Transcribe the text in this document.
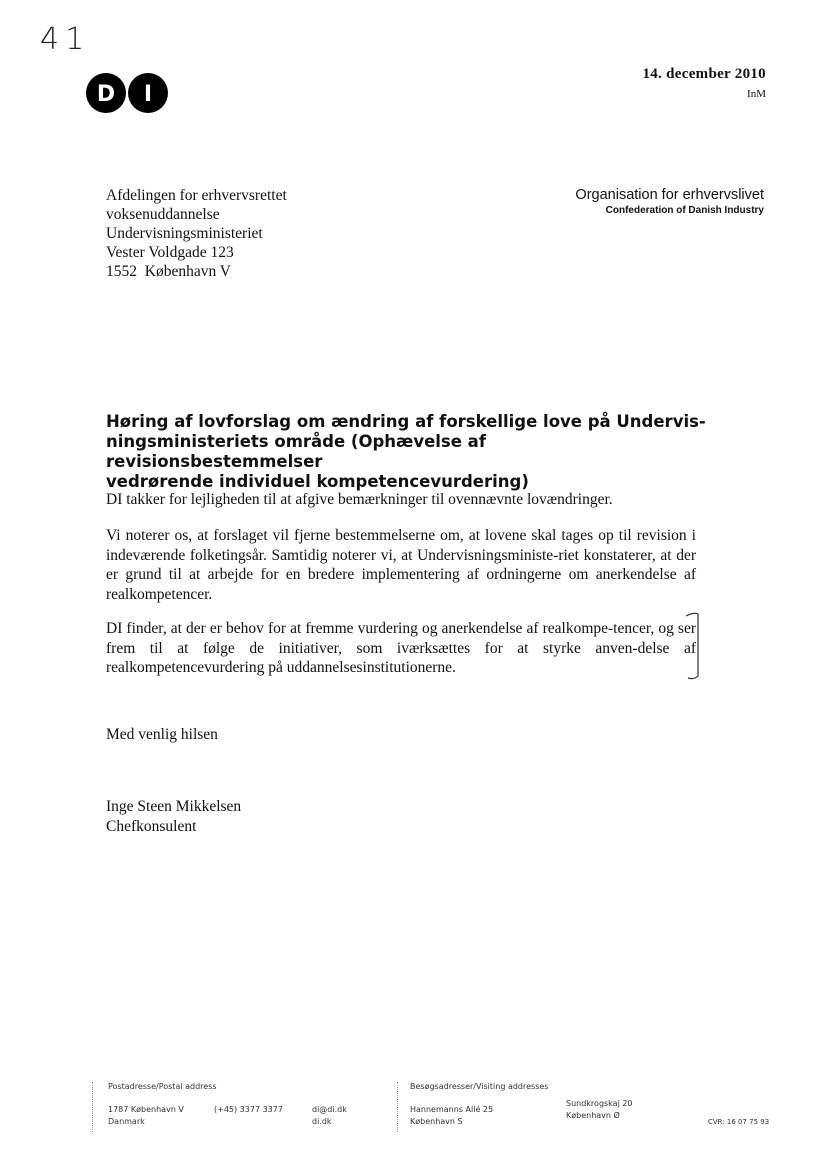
41
D I
14. december 2010
InM
Afdelingen for erhvervsrettet
voksenuddannelse
Undervisningsministeriet
Vester Voldgade 123
1552  København V
Organisation for erhvervslivet
Confederation of Danish Industry
Høring af lovforslag om ændring af forskellige love på Undervis-
ningsministeriets område (Ophævelse af revisionsbestemmelser
vedrørende individuel kompetencevurdering)

DI takker for lejligheden til at afgive bemærkninger til ovennævnte lovændringer.

Vi noterer os, at forslaget vil fjerne bestemmelserne om, at lovene skal tages op til revision i indeværende folketingsår. Samtidig noterer vi, at Undervisningsministe-riet konstaterer, at der er grund til at arbejde for en bredere implementering af ordningerne om anerkendelse af realkompetencer.

DI finder, at der er behov for at fremme vurdering og anerkendelse af realkompe-tencer, og ser frem til at følge de initiativer, som iværksættes for at styrke anven-delse af realkompetencevurdering på uddannelsesinstitutionerne.

Med venlig hilsen
Inge Steen Mikkelsen
Chefkonsulent
Postadresse/Postal address
1787 København V
Danmark
(+45) 3377 3377	di@di.dk
di.dk
Besøgsadresser/Visiting addresses
Hannemanns Allé 25
København S
Sundkrogskaj 20
København Ø
CVR: 16 07 75 93
